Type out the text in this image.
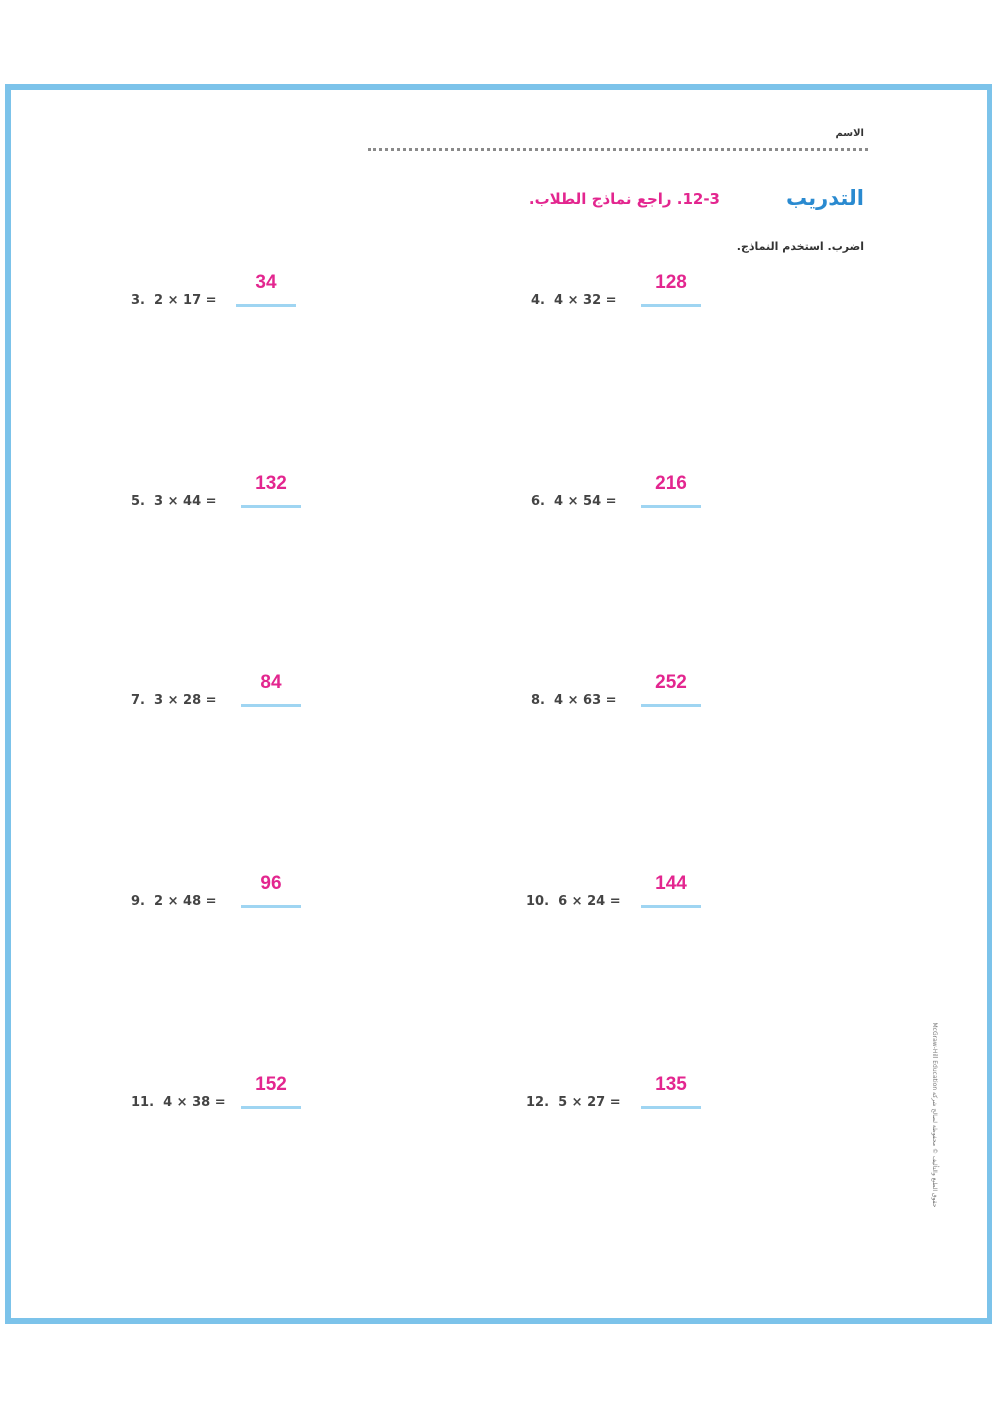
الاسم
التدريب
12-3. راجع نماذج الطلاب.
اضرب. استخدم النماذج.
3.  2 × 17 =
34
4.  4 × 32 =
128
5.  3 × 44 =
132
6.  4 × 54 =
216
7.  3 × 28 =
84
8.  4 × 63 =
252
9.  2 × 48 =
96
10.  6 × 24 =
144
11.  4 × 38 =
152
12.  5 × 27 =
135	حقوق الطبع والتأليف © محفوظة لصالح شركة McGraw-Hill Education
